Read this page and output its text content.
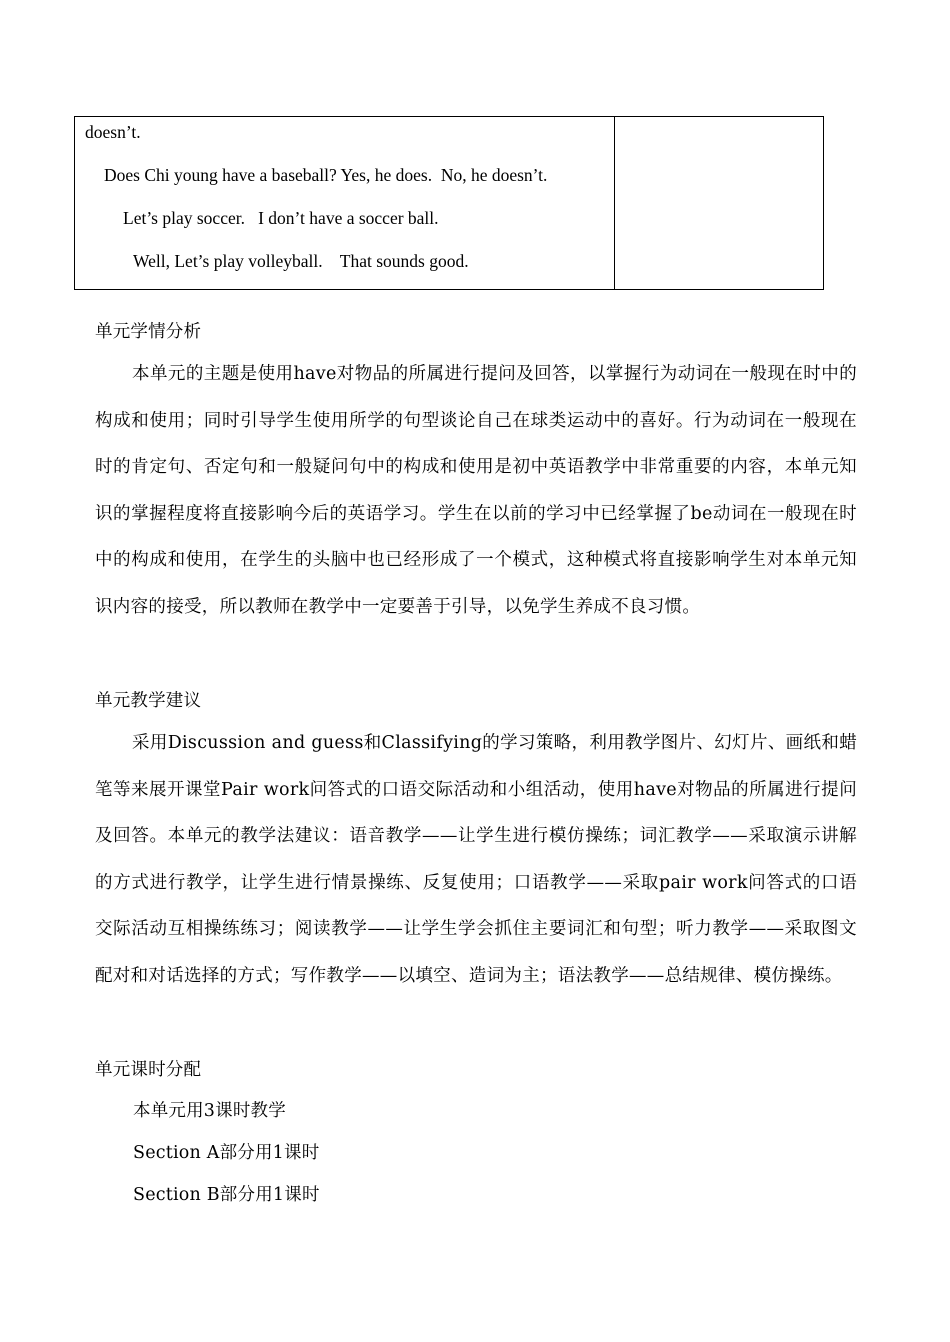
doesn’t.
Does Chi young have a baseball? Yes, he does.  No, he doesn’t.
Let’s play soccer.   I don’t have a soccer ball.
Well, Let’s play volleyball.    That sounds good.
单元学情分析
本单元的主题是使用have对物品的所属进行提问及回答，以掌握行为动词在一般现在时中的构成和使用；同时引导学生使用所学的句型谈论自己在球类运动中的喜好。行为动词在一般现在时的肯定句、否定句和一般疑问句中的构成和使用是初中英语教学中非常重要的内容，本单元知识的掌握程度将直接影响今后的英语学习。学生在以前的学习中已经掌握了be动词在一般现在时中的构成和使用，在学生的头脑中也已经形成了一个模式，这种模式将直接影响学生对本单元知识内容的接受，所以教师在教学中一定要善于引导，以免学生养成不良习惯。
单元教学建议
采用Discussion and guess和Classifying的学习策略，利用教学图片、幻灯片、画纸和蜡笔等来展开课堂Pair work问答式的口语交际活动和小组活动，使用have对物品的所属进行提问及回答。本单元的教学法建议：语音教学——让学生进行模仿操练；词汇教学——采取演示讲解的方式进行教学，让学生进行情景操练、反复使用；口语教学——采取pair work问答式的口语交际活动互相操练练习；阅读教学——让学生学会抓住主要词汇和句型；听力教学——采取图文配对和对话选择的方式；写作教学——以填空、造词为主；语法教学——总结规律、模仿操练。
单元课时分配
本单元用3课时教学
Section A部分用1课时
Section B部分用1课时
